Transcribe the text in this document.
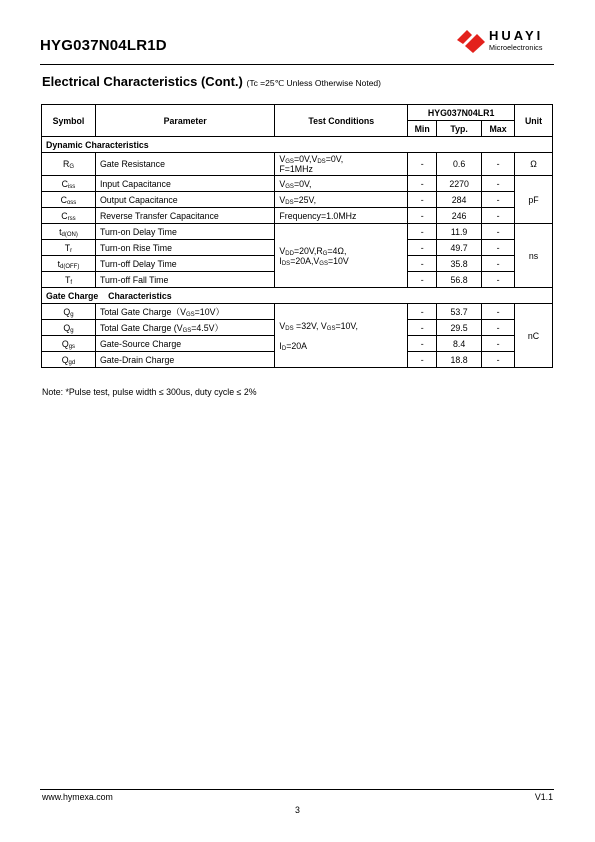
HYG037N04LR1D
HUAYI
Microelectronics
Electrical Characteristics (Cont.) (Tc =25℃ Unless Otherwise Noted)
Symbol	Parameter	Test Conditions	HYG037N04LR1			Unit
			Min	Typ.	Max	
Dynamic Characteristics						
$R_G$	Gate Resistance	$V_{GS}=0V,V_{DS}=0V$,
F=1MHz	-	0.6	-	Ω
$C_{iss}$	Input Capacitance	$V_{GS}=0V$,	-	2270	-	pF
$C_{oss}$	Output Capacitance	$V_{DS}=25V$,	-	284	-	
$C_{rss}$	Reverse Transfer Capacitance	Frequency=1.0MHz	-	246	-	
$t_{d(ON)}$	Turn-on Delay Time	$V_{DD}=20V,R_G=4\Omega$,
$I_{DS}=20A,V_{GS}=10V$	-	11.9	-	ns
$T_r$	Turn-on Rise Time		-	49.7	-	
$t_{d(OFF)}$	Turn-off Delay Time		-	35.8	-	
$T_f$	Turn-off Fall Time		-	56.8	-	
Gate Charge    Characteristics						
$Q_g$	Total Gate $Charge(V_{GS}=10V)$	$V_{DS} =32V$, $V_{GS}=10V$,

$I_D=20A$	-	53.7	-	nC
$Q_g$	Total Gate Charge $(V_{GS}=4.5V)$		-	29.5	-	
$Q_{gs}$	Gate-Source Charge		-	8.4	-	
$Q_{gd}$	Gate-Drain Charge		-	18.8	-	
Note: *Pulse test, pulse width ≤ 300us, duty cycle ≤ 2%
www.hymexa.com	V1.1
3
